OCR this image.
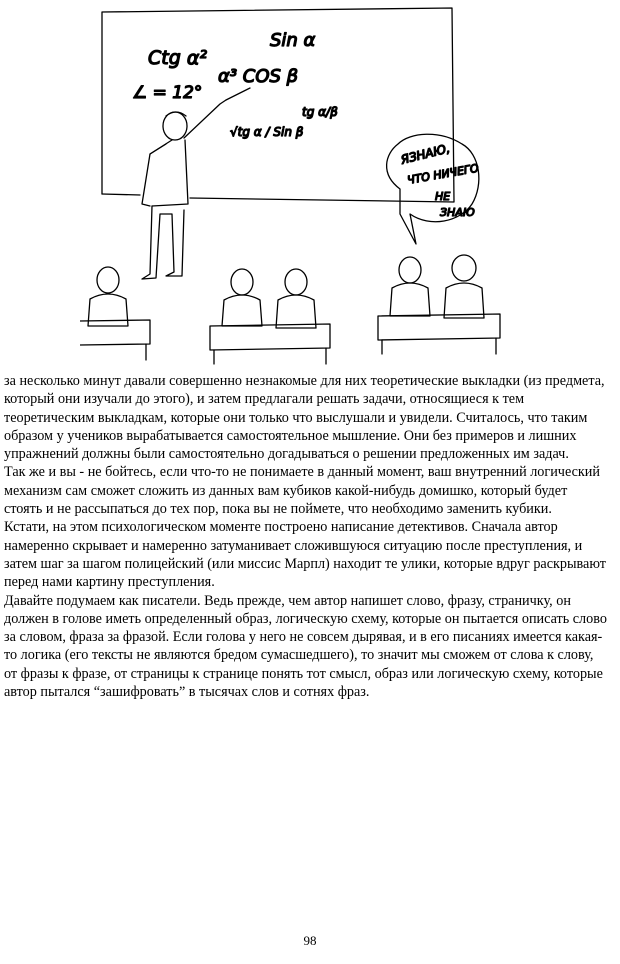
Ctg α²
Sin α
α³ COS β
∠ = 12°
tg α/β
√tg α / Sin β
ЯЗНАЮ,
ЧТО НИЧЕГО
НЕ
ЗНАЮ

за несколько минут давали совершенно незнакомые для них теоретические выкладки (из предмета, который они изучали до этого), и затем предлагали решать задачи, относящиеся к тем теоретическим выкладкам, которые они только что выслушали и увидели. Считалось, что таким образом у учеников вырабатывается самостоятельное мышление. Они без примеров и лишних упражнений должны были самостоятельно догадываться о решении предложенных им задач.

Так же и вы - не бойтесь, если что-то не понимаете в данный момент, ваш внутренний логический механизм сам сможет сложить из данных вам кубиков какой-нибудь домишко, который будет стоять и не рассыпаться до тех пор, пока вы не поймете, что необходимо заменить кубики.

Кстати, на этом психологическом моменте построено написание детективов. Сначала автор намеренно скрывает и намеренно затуманивает сложившуюся ситуацию после преступления, и затем шаг за шагом полицейский (или миссис Марпл) находит те улики, которые вдруг раскрывают перед нами картину преступления.

Давайте подумаем как писатели. Ведь прежде, чем автор напишет слово, фразу, страничку, он должен в голове иметь определенный образ, логическую схему, которые он пытается описать слово за словом, фраза за фразой. Если голова у него не совсем дырявая, и в его писаниях имеется какая-то логика (его тексты не являются бредом сумасшедшего), то значит мы сможем от слова к слову, от фразы к фразе, от страницы к странице понять тот смысл, образ или логическую схему, которые автор пытался “зашифровать” в тысячах слов и сотнях фраз.

98
